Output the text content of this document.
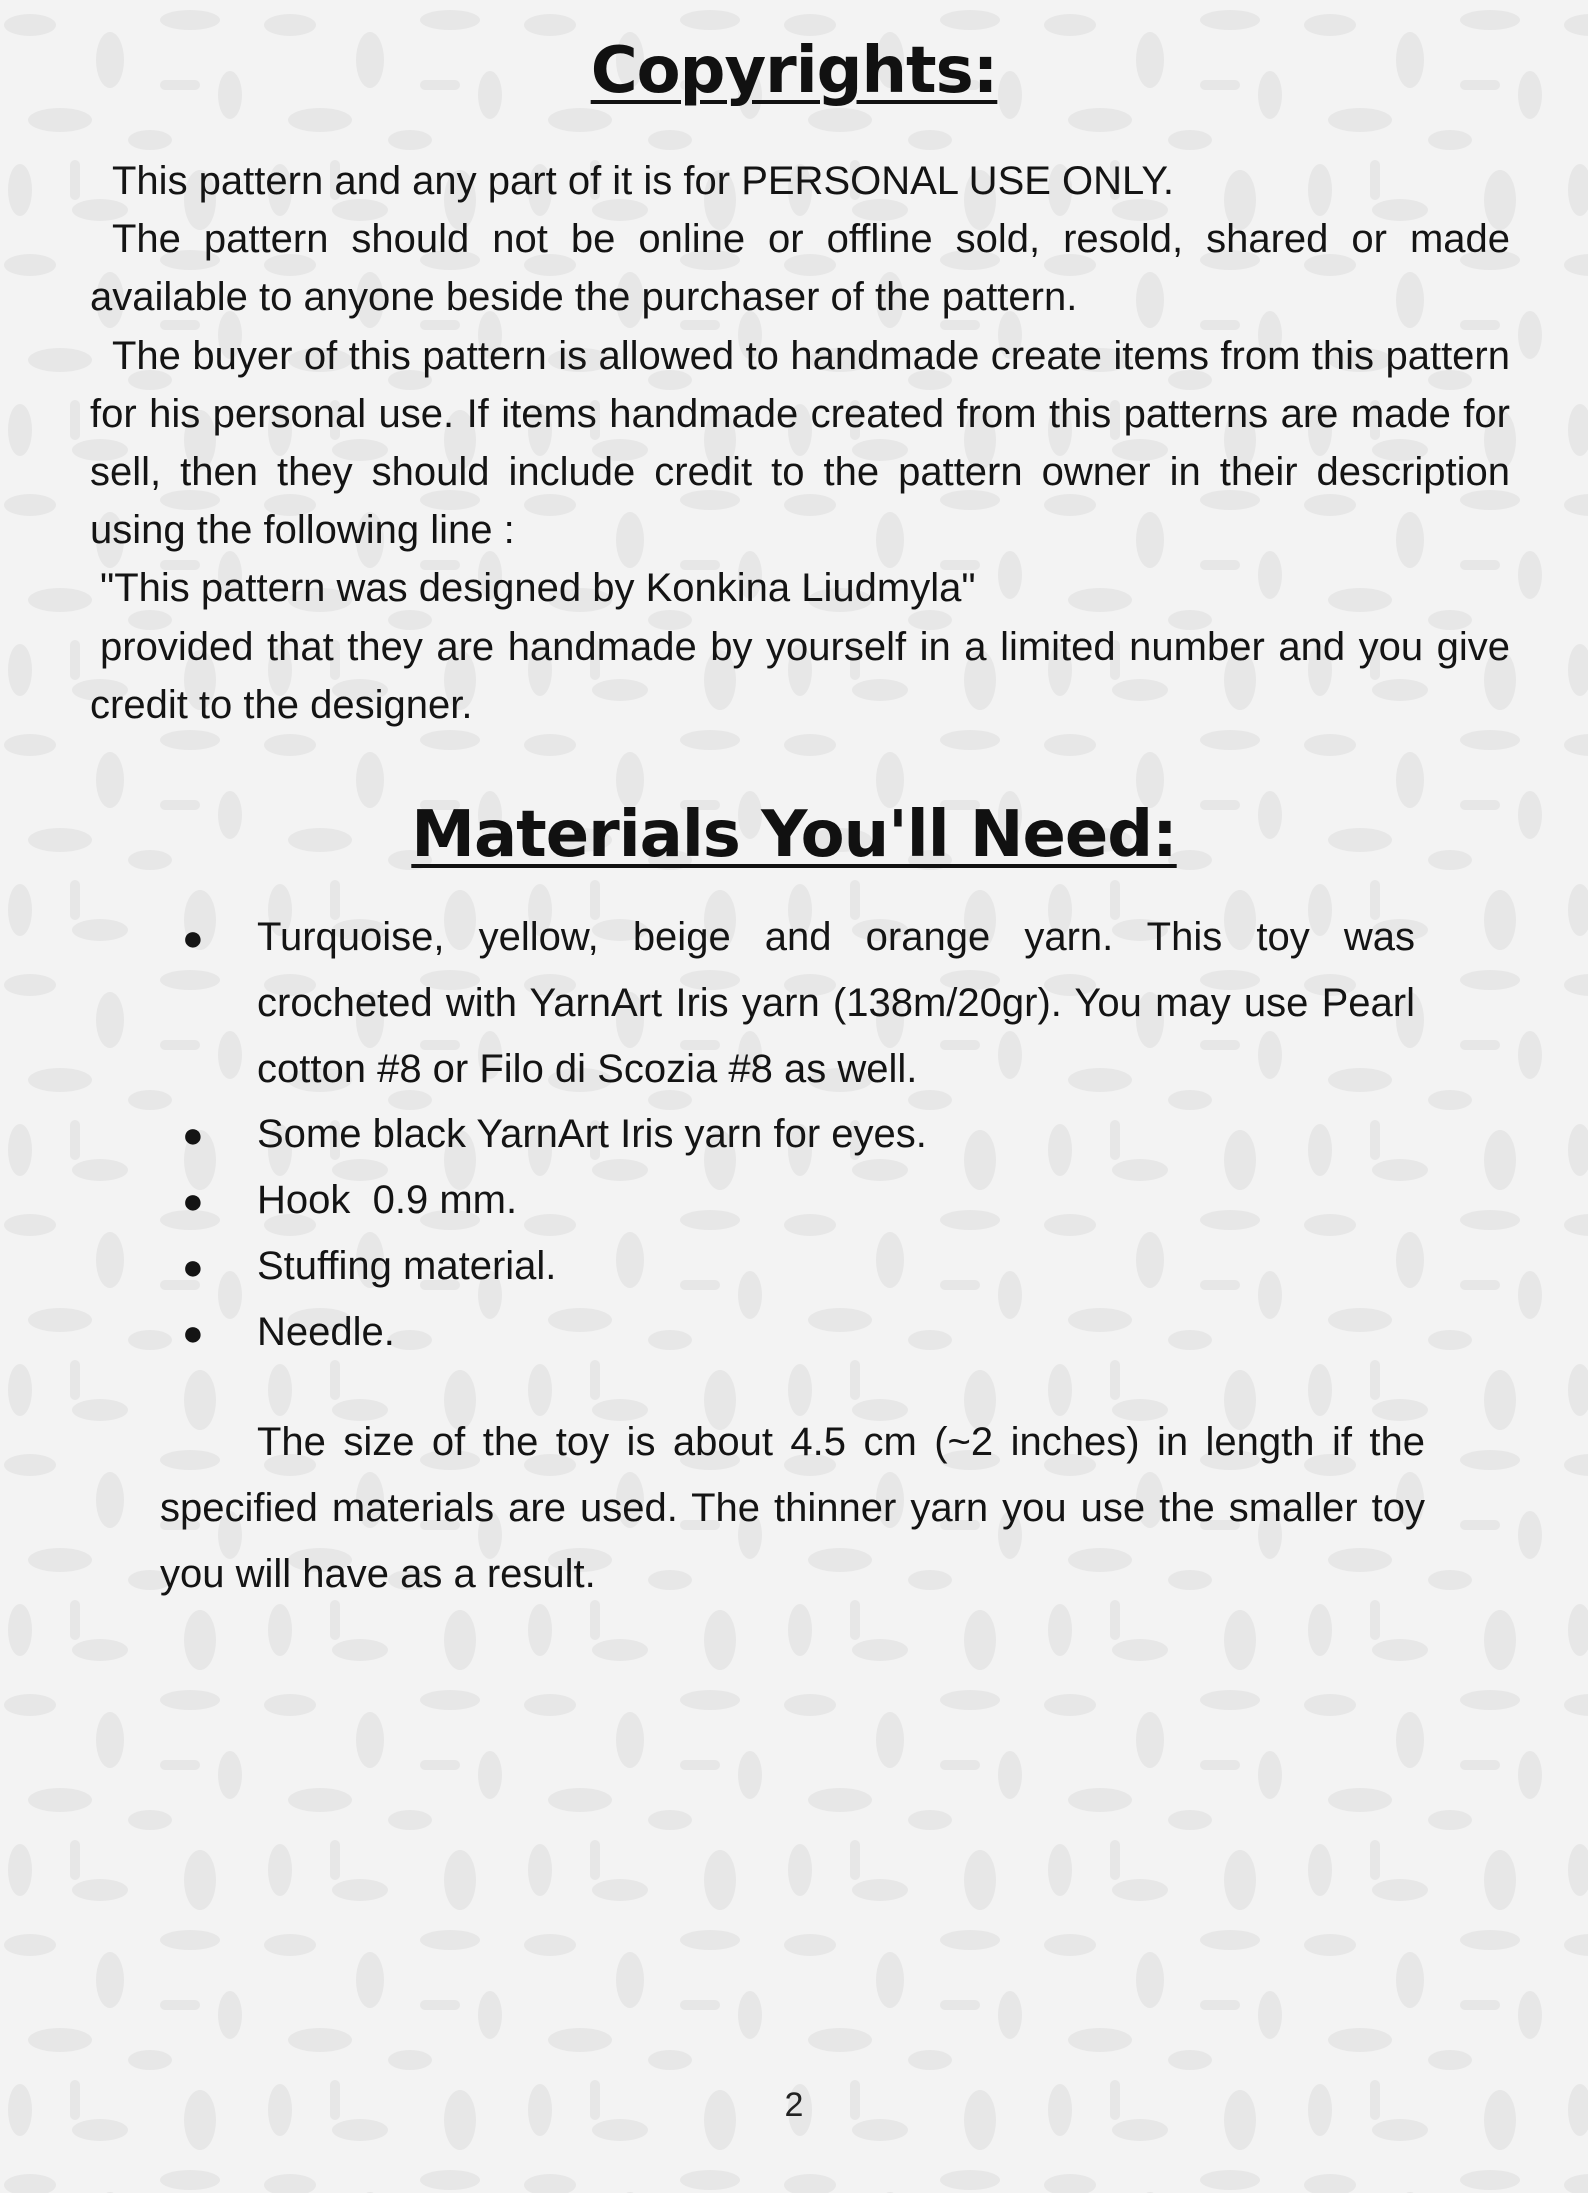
Copyrights:

This pattern and any part of it is for PERSONAL USE ONLY.

The pattern should not be online or offline sold, resold, shared or made available to anyone beside the purchaser of the pattern.

The buyer of this pattern is allowed to handmade create items from this pattern for his personal use. If items handmade created from this patterns are made for sell, then they should include credit to the pattern owner in their description using the following line :

"This pattern was designed by Konkina Liudmyla"

provided that they are handmade by yourself in a limited number and you give credit to the designer.

Materials You'll Need:
● Turquoise, yellow, beige and orange yarn. This toy was crocheted with YarnArt Iris yarn (138m/20gr). You may use Pearl cotton #8 or Filo di Scozia #8 as well.
● Some black YarnArt Iris yarn for eyes.
● Hook  0.9 mm.
● Stuffing material.
● Needle.

The size of the toy is about 4.5 cm (~2 inches) in length if the specified materials are used. The thinner yarn you use the smaller toy you will have as a result.

2
